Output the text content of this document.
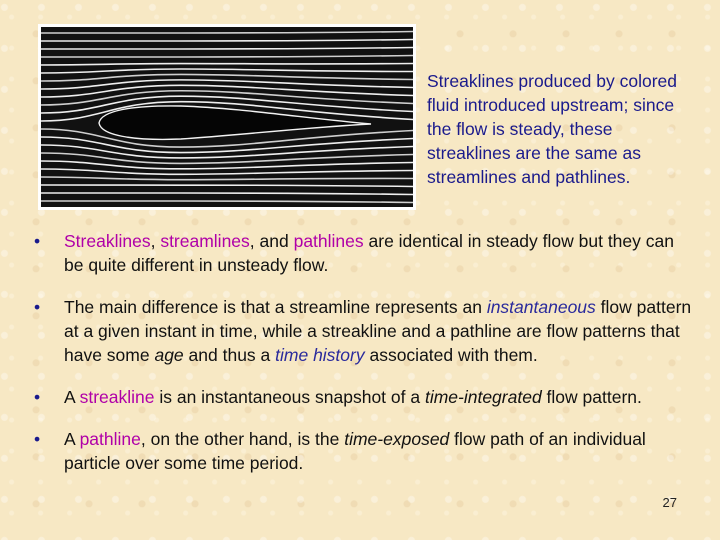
Streaklines produced by colored fluid introduced upstream; since the flow is steady, these streaklines are the same as streamlines and pathlines.
•	Streaklines, streamlines, and pathlines are identical in steady flow but they can be quite different in unsteady flow.
•	The main difference is that a streamline represents an instantaneous flow pattern at a given instant in time, while a streakline and a pathline are flow patterns that have some age and thus a time history associated with them.
•	A streakline is an instantaneous snapshot of a time-integrated flow pattern.
•	A pathline, on the other hand, is the time-exposed flow path of an individual particle over some time period.
27
